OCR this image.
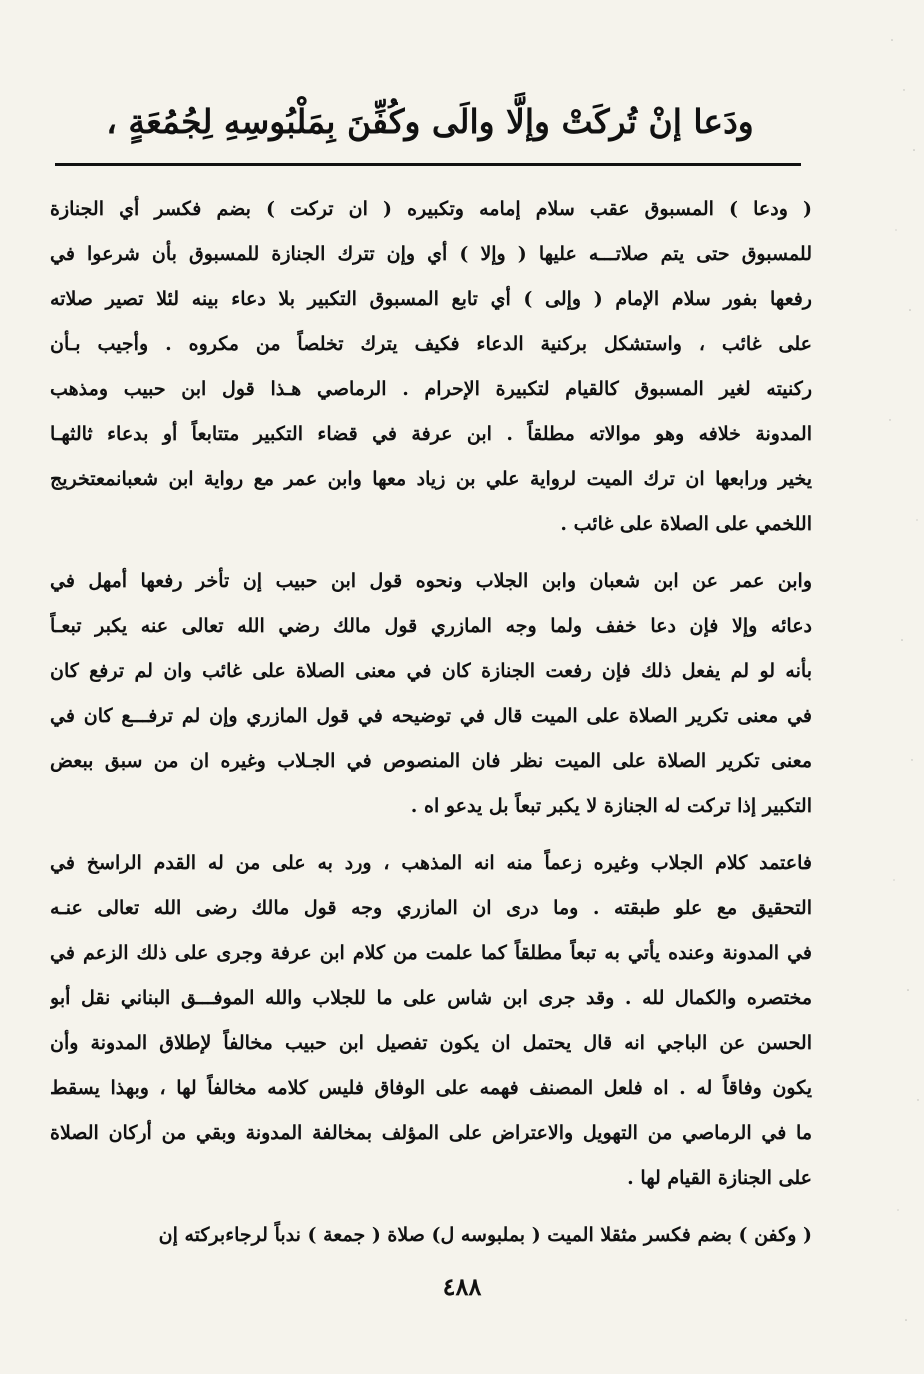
ودَعا إنْ تُركَتْ وإلَّا والَى وكُفِّنَ بِمَلْبُوسِهِ لِجُمُعَةٍ ،
( ودعا ) المسبوق عقب سلام إمامه وتكبيره ( ان تركت ) بضم فكسر أي الجنازة
للمسبوق حتى يتم صلاتـــه عليها ( وإلا ) أي وإن تترك الجنازة للمسبوق بأن شرعوا في
رفعها بفور سلام الإمام ( وإلى ) أي تابع المسبوق التكبير بلا دعاء بينه لئلا تصير صلاته
على غائب ، واستشكل بركنية الدعاء فكيف يترك تخلصاً من مكروه . وأجيب بـأن
ركنيته لغير المسبوق كالقيام لتكبيرة الإحرام . الرماصي هـذا قول ابن حبيب ومذهب
المدونة خلافه وهو موالاته مطلقاً . ابن عرفة في قضاء التكبير متتابعاً أو بدعاء ثالثهـا
يخير ورابعها ان ترك الميت لرواية علي بن زياد معها وابن عمر مع رواية ابن شعبانمعتخريج
اللخمي على الصلاة على غائب .
وابن عمر عن ابن شعبان وابن الجلاب ونحوه قول ابن حبيب إن تأخر رفعها أمهل في
دعائه وإلا فإن دعا خفف ولما وجه المازري قول مالك رضي الله تعالى عنه يكبر تبعـاً
بأنه لو لم يفعل ذلك فإن رفعت الجنازة كان في معنى الصلاة على غائب وان لم ترفع كان
في معنى تكرير الصلاة على الميت قال في توضيحه في قول المازري وإن لم ترفـــع كان في
معنى تكرير الصلاة على الميت نظر فان المنصوص في الجـلاب وغيره ان من سبق ببعض
التكبير إذا تركت له الجنازة لا يكبر تبعاً بل يدعو اه .
فاعتمد كلام الجلاب وغيره زعماً منه انه المذهب ، ورد به على من له القدم الراسخ في
التحقيق مع علو طبقته . وما درى ان المازري وجه قول مالك رضى الله تعالى عنـه
في المدونة وعنده يأتي به تبعاً مطلقاً كما علمت من كلام ابن عرفة وجرى على ذلك الزعم في
مختصره والكمال لله . وقد جرى ابن شاس على ما للجلاب والله الموفـــق البناني نقل أبو
الحسن عن الباجي انه قال يحتمل ان يكون تفصيل ابن حبيب مخالفاً لإطلاق المدونة وأن
يكون وفاقاً له . اه فلعل المصنف فهمه على الوفاق فليس كلامه مخالفاً لها ، وبهذا يسقط
ما في الرماصي من التهويل والاعتراض على المؤلف بمخالفة المدونة وبقي من أركان الصلاة
على الجنازة القيام لها .
( وكفن ) بضم فكسر مثقلا الميت ( بملبوسه ل) صلاة ( جمعة ) ندباً لرجاءبركته إن
٤٨٨
